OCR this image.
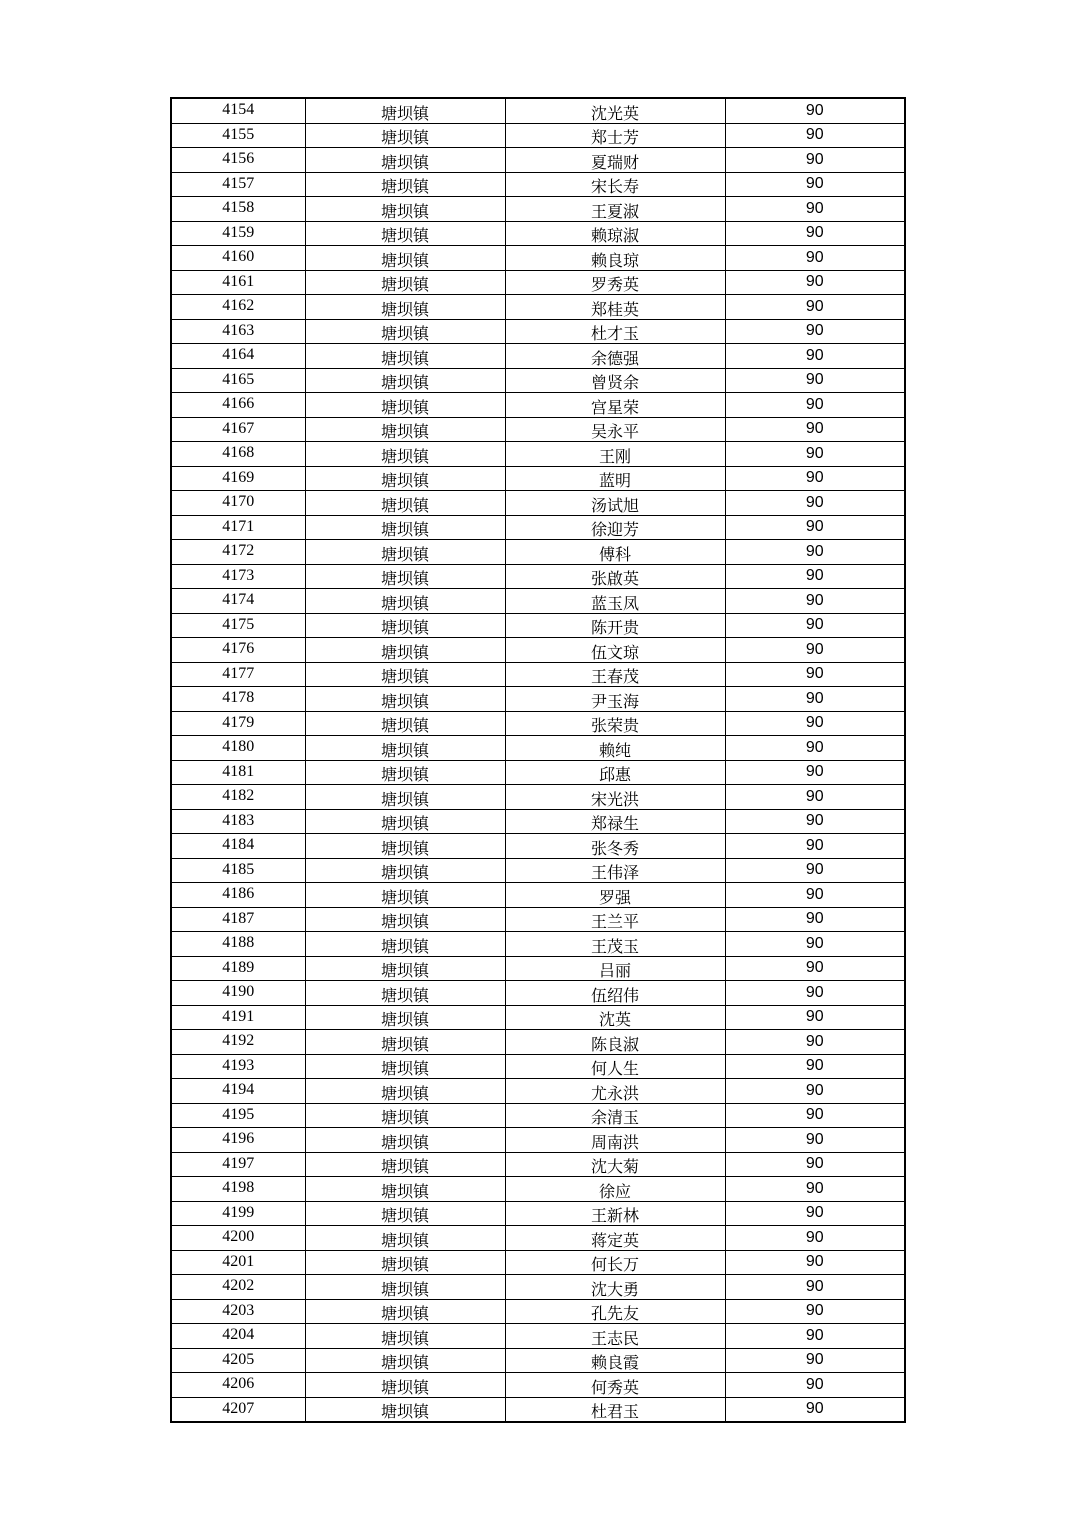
4154	塘坝镇	沈光英	90
4155	塘坝镇	郑士芳	90
4156	塘坝镇	夏瑞财	90
4157	塘坝镇	宋长寿	90
4158	塘坝镇	王夏淑	90
4159	塘坝镇	赖琼淑	90
4160	塘坝镇	赖良琼	90
4161	塘坝镇	罗秀英	90
4162	塘坝镇	郑桂英	90
4163	塘坝镇	杜才玉	90
4164	塘坝镇	余德强	90
4165	塘坝镇	曾贤余	90
4166	塘坝镇	宫星荣	90
4167	塘坝镇	吴永平	90
4168	塘坝镇	王刚	90
4169	塘坝镇	蓝明	90
4170	塘坝镇	汤试旭	90
4171	塘坝镇	徐迎芳	90
4172	塘坝镇	傅科	90
4173	塘坝镇	张啟英	90
4174	塘坝镇	蓝玉凤	90
4175	塘坝镇	陈开贵	90
4176	塘坝镇	伍文琼	90
4177	塘坝镇	王春茂	90
4178	塘坝镇	尹玉海	90
4179	塘坝镇	张荣贵	90
4180	塘坝镇	赖纯	90
4181	塘坝镇	邱惠	90
4182	塘坝镇	宋光洪	90
4183	塘坝镇	郑禄生	90
4184	塘坝镇	张冬秀	90
4185	塘坝镇	王伟泽	90
4186	塘坝镇	罗强	90
4187	塘坝镇	王兰平	90
4188	塘坝镇	王茂玉	90
4189	塘坝镇	吕丽	90
4190	塘坝镇	伍绍伟	90
4191	塘坝镇	沈英	90
4192	塘坝镇	陈良淑	90
4193	塘坝镇	何人生	90
4194	塘坝镇	尤永洪	90
4195	塘坝镇	余清玉	90
4196	塘坝镇	周南洪	90
4197	塘坝镇	沈大菊	90
4198	塘坝镇	徐应	90
4199	塘坝镇	王新林	90
4200	塘坝镇	蒋定英	90
4201	塘坝镇	何长万	90
4202	塘坝镇	沈大勇	90
4203	塘坝镇	孔先友	90
4204	塘坝镇	王志民	90
4205	塘坝镇	赖良霞	90
4206	塘坝镇	何秀英	90
4207	塘坝镇	杜君玉	90
